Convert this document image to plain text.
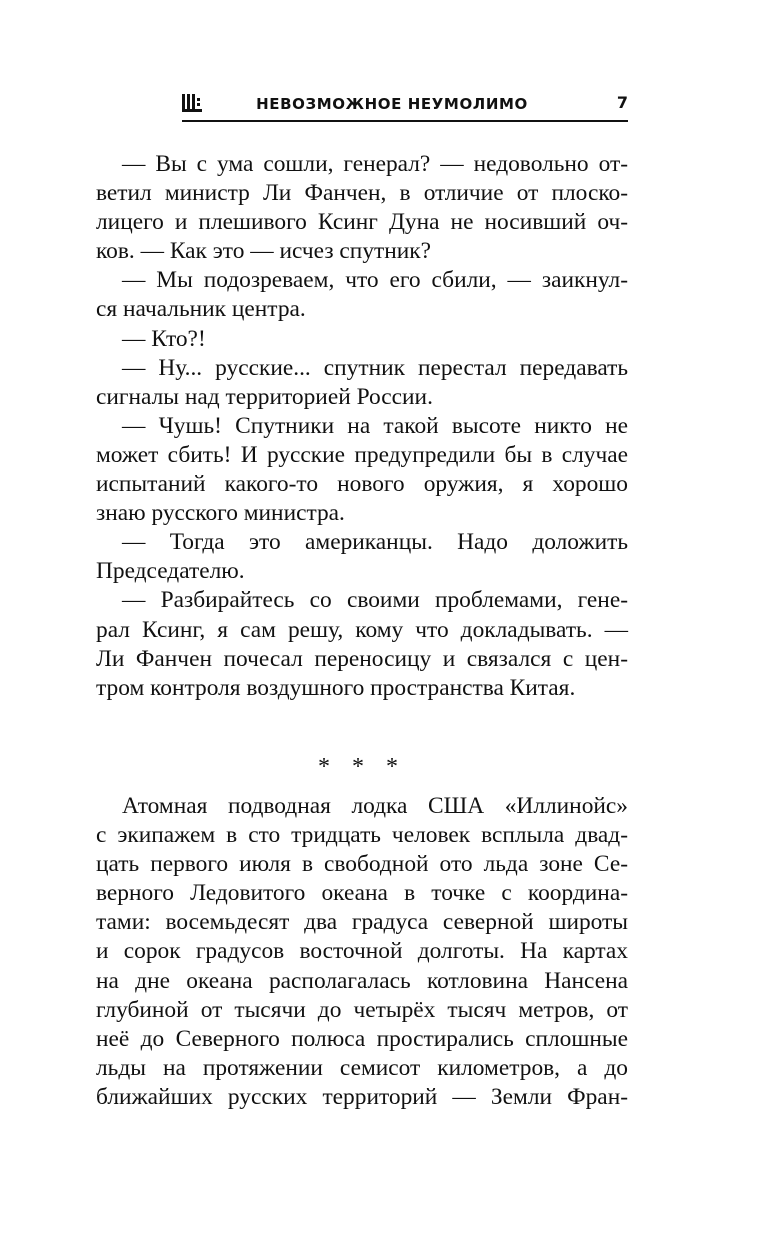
НЕВОЗМОЖНОЕ НЕУМОЛИМО	7
— Вы с ума сошли, генерал? — недовольно от-
ветил министр Ли Фанчен, в отличие от плоско-
лицего и плешивого Ксинг Дуна не носивший оч-
ков. — Как это — исчез спутник?
— Мы подозреваем, что его сбили, — заикнул-
ся начальник центра.
— Кто?!
— Ну... русские... спутник перестал передавать
сигналы над территорией России.
— Чушь! Спутники на такой высоте никто не
может сбить! И русские предупредили бы в случае
испытаний какого-то нового оружия, я хорошо
знаю русского министра.
— Тогда это американцы. Надо доложить
Председателю.
— Разбирайтесь со своими проблемами, гене-
рал Ксинг, я сам решу, кому что докладывать. —
Ли Фанчен почесал переносицу и связался с цен-
тром контроля воздушного пространства Китая.
* * *
Атомная подводная лодка США «Иллинойс»
с экипажем в сто тридцать человек всплыла двад-
цать первого июля в свободной ото льда зоне Се-
верного Ледовитого океана в точке с координа-
тами: восемьдесят два градуса северной широты
и сорок градусов восточной долготы. На картах
на дне океана располагалась котловина Нансена
глубиной от тысячи до четырёх тысяч метров, от
неё до Северного полюса простирались сплошные
льды на протяжении семисот километров, а до
ближайших русских территорий — Земли Фран-
